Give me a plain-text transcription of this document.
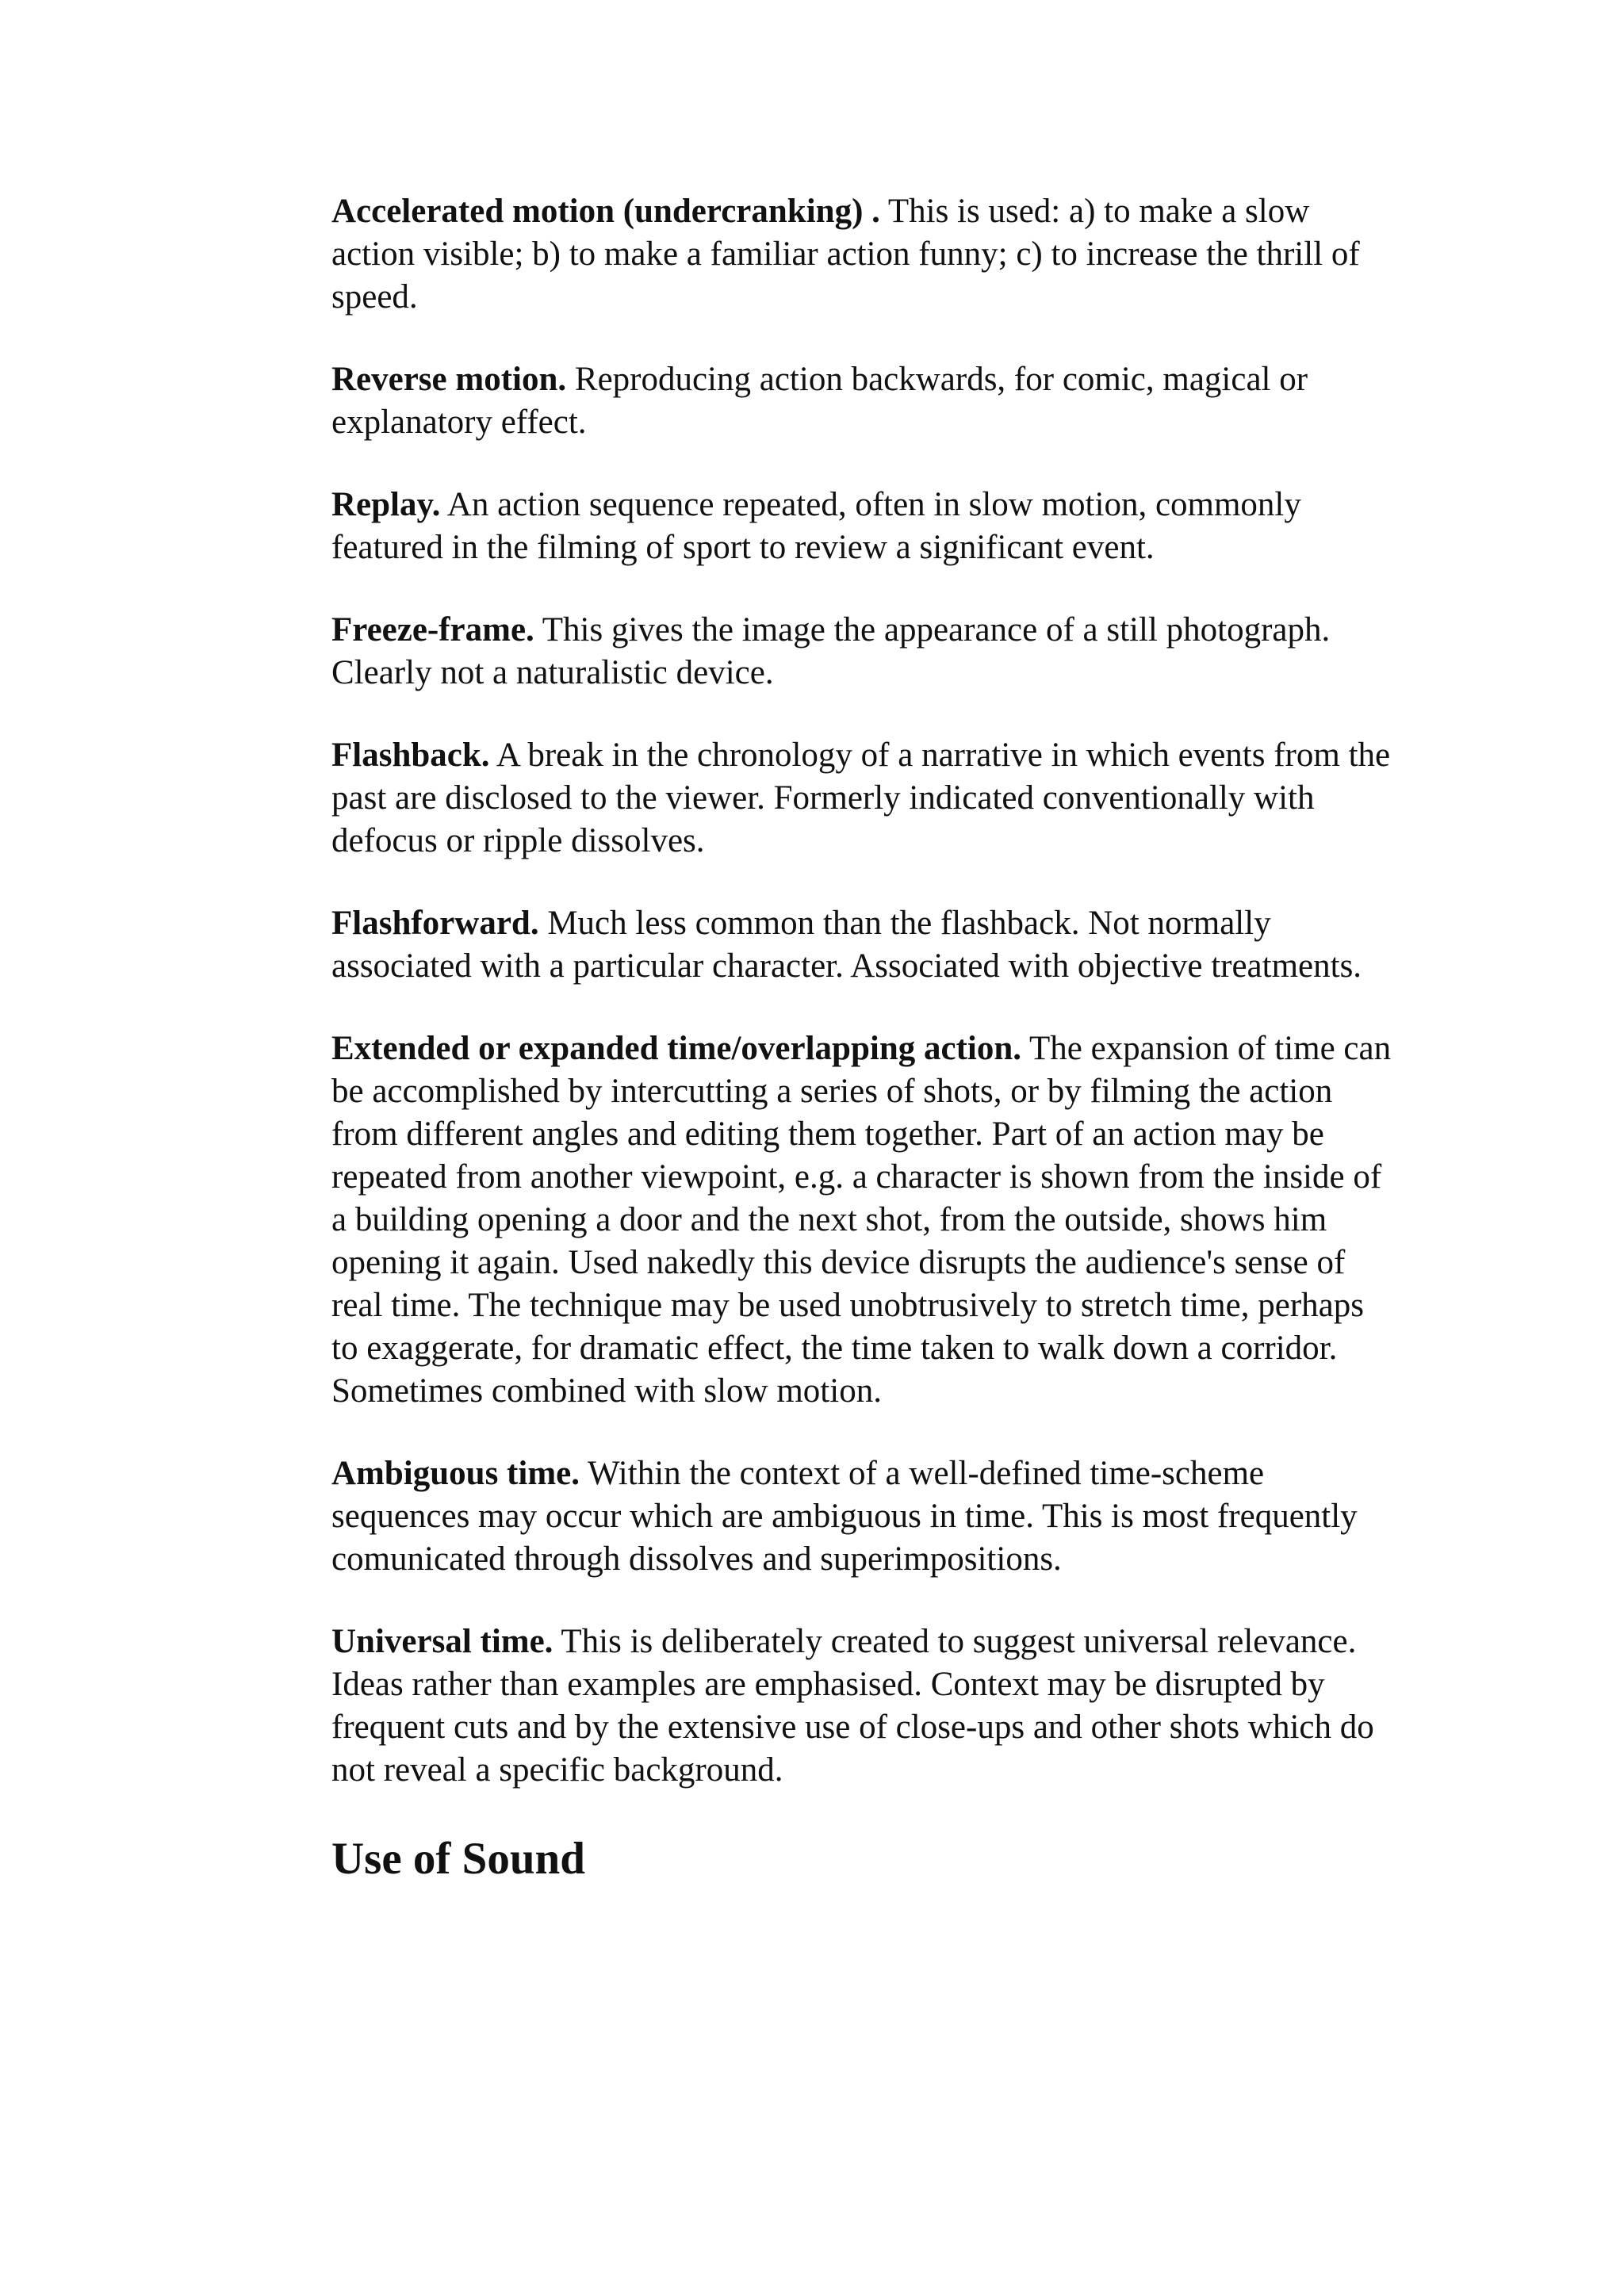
Accelerated motion (undercranking) . This is used: a) to make a slow action visible; b) to make a familiar action funny; c) to increase the thrill of speed.

Reverse motion. Reproducing action backwards, for comic, magical or explanatory effect.

Replay. An action sequence repeated, often in slow motion, commonly featured in the filming of sport to review a significant event.

Freeze-frame. This gives the image the appearance of a still photograph. Clearly not a naturalistic device.

Flashback. A break in the chronology of a narrative in which events from the past are disclosed to the viewer. Formerly indicated conventionally with defocus or ripple dissolves.

Flashforward. Much less common than the flashback. Not normally associated with a particular character. Associated with objective treatments.

Extended or expanded time/overlapping action. The expansion of time can be accomplished by intercutting a series of shots, or by filming the action from different angles and editing them together. Part of an action may be repeated from another viewpoint, e.g. a character is shown from the inside of a building opening a door and the next shot, from the outside, shows him opening it again. Used nakedly this device disrupts the audience's sense of real time. The technique may be used unobtrusively to stretch time, perhaps to exaggerate, for dramatic effect, the time taken to walk down a corridor. Sometimes combined with slow motion.

Ambiguous time. Within the context of a well-defined time-scheme sequences may occur which are ambiguous in time. This is most frequently comunicated through dissolves and superimpositions.

Universal time. This is deliberately created to suggest universal relevance. Ideas rather than examples are emphasised. Context may be disrupted by frequent cuts and by the extensive use of close-ups and other shots which do not reveal a specific background.

Use of Sound
